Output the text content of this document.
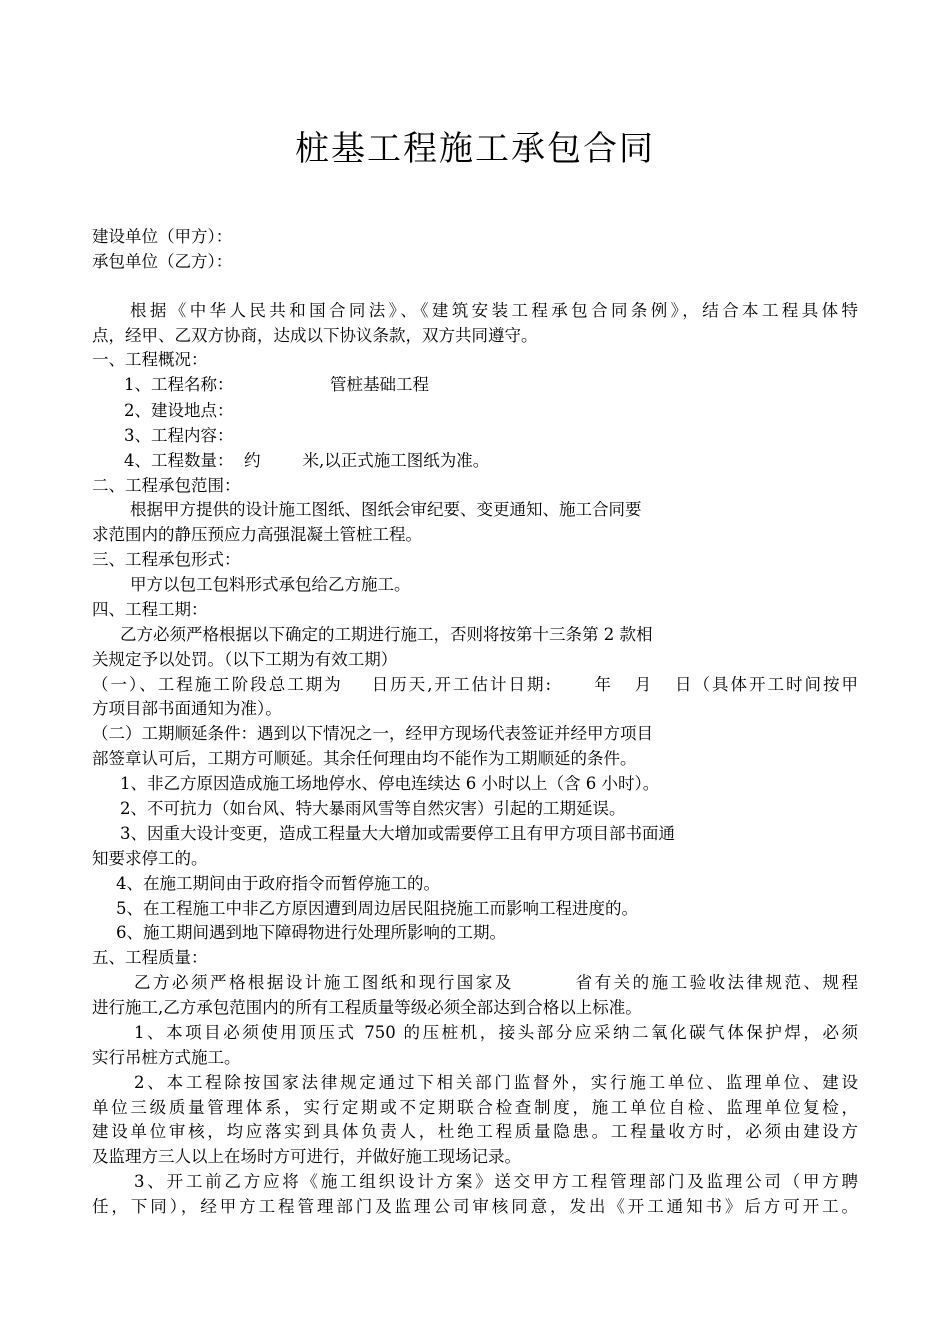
桩基工程施工承包合同
建设单位（甲方）：
承包单位（乙方）：
根据《中华人民共和国合同法》、《建筑安装工程承包合同条例》，结合本工程具体特
点，经甲、乙双方协商，达成以下协议条款，双方共同遵守。
一、工程概况：
1、工程名称：	管桩基础工程
2、建设地点：
3、工程内容：
4、工程数量：  约        米,以正式施工图纸为准。
二、工程承包范围：
根据甲方提供的设计施工图纸、图纸会审纪要、变更通知、施工合同要
求范围内的静压预应力高强混凝土管桩工程。
三、工程承包形式：
甲方以包工包料形式承包给乙方施工。
四、工程工期：
乙方必须严格根据以下确定的工期进行施工，否则将按第十三条第 2 款相
关规定予以处罚。（以下工期为有效工期）
（一）、工程施工阶段总工期为    日历天,开工估计日期:      年   月   日（具体开工时间按甲
方项目部书面通知为准）。
（二）工期顺延条件：遇到以下情况之一，经甲方现场代表签证并经甲方项目
部签章认可后，工期方可顺延。其余任何理由均不能作为工期顺延的条件。
1、非乙方原因造成施工场地停水、停电连续达 6 小时以上（含 6 小时）。
2、不可抗力（如台风、特大暴雨风雪等自然灾害）引起的工期延误。
3、因重大设计变更，造成工程量大大增加或需要停工且有甲方项目部书面通
知要求停工的。
4、在施工期间由于政府指令而暂停施工的。
5、在工程施工中非乙方原因遭到周边居民阻挠施工而影响工程进度的。
6、施工期间遇到地下障碍物进行处理所影响的工期。
五、工程质量：
乙方必须严格根据设计施工图纸和现行国家及        省有关的施工验收法律规范、规程
进行施工,乙方承包范围内的所有工程质量等级必须全部达到合格以上标准。
1、本项目必须使用顶压式 750 的压桩机，接头部分应采纳二氧化碳气体保护焊，必须
实行吊桩方式施工。
2、本工程除按国家法律规定通过下相关部门监督外，实行施工单位、监理单位、建设
单位三级质量管理体系，实行定期或不定期联合检查制度，施工单位自检、监理单位复检，
建设单位审核，均应落实到具体负责人，杜绝工程质量隐患。工程量收方时，必须由建设方
及监理方三人以上在场时方可进行，并做好施工现场记录。
3、开工前乙方应将《施工组织设计方案》送交甲方工程管理部门及监理公司（甲方聘
任，下同），经甲方工程管理部门及监理公司审核同意，发出《开工通知书》后方可开工。
